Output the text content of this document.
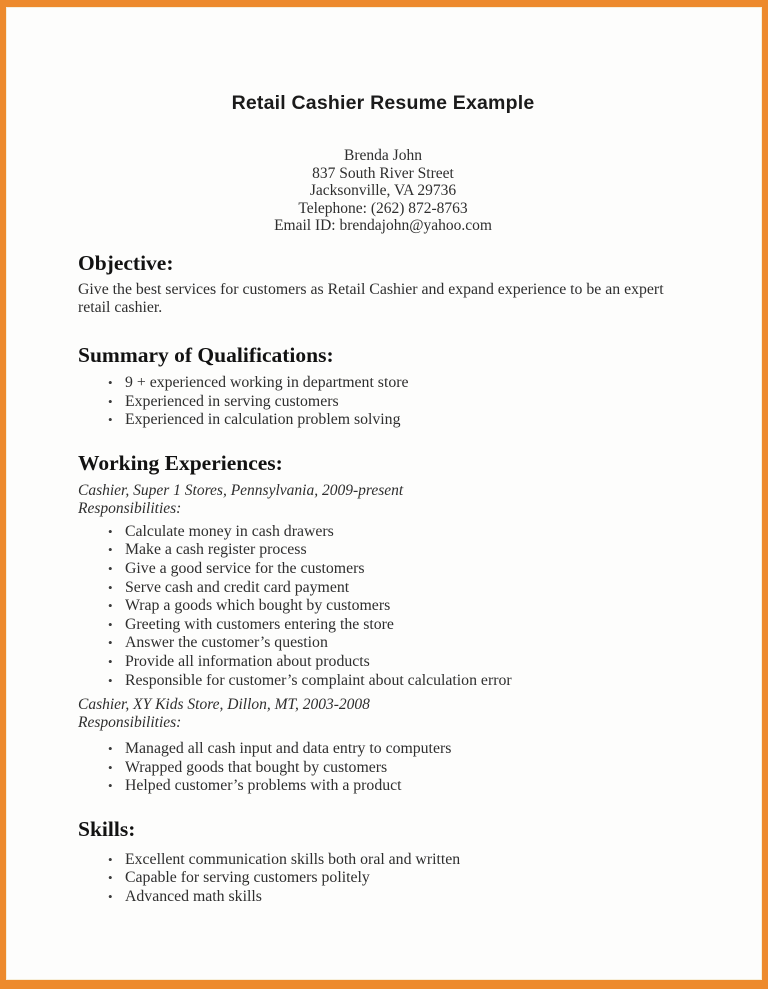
Retail Cashier Resume Example
Brenda John
837 South River Street
Jacksonville, VA 29736
Telephone: (262) 872-8763
Email ID: brendajohn@yahoo.com
Objective:
Give the best services for customers as Retail Cashier and expand experience to be an expert retail cashier.
Summary of Qualifications:
• 9 + experienced working in department store
• Experienced in serving customers
• Experienced in calculation problem solving
Working Experiences:
Cashier, Super 1 Stores, Pennsylvania, 2009-present
Responsibilities:
• Calculate money in cash drawers
• Make a cash register process
• Give a good service for the customers
• Serve cash and credit card payment
• Wrap a goods which bought by customers
• Greeting with customers entering the store
• Answer the customer’s question
• Provide all information about products
• Responsible for customer’s complaint about calculation error
Cashier, XY Kids Store, Dillon, MT, 2003-2008
Responsibilities:
• Managed all cash input and data entry to computers
• Wrapped goods that bought by customers
• Helped customer’s problems with a product
Skills:
• Excellent communication skills both oral and written
• Capable for serving customers politely
• Advanced math skills
